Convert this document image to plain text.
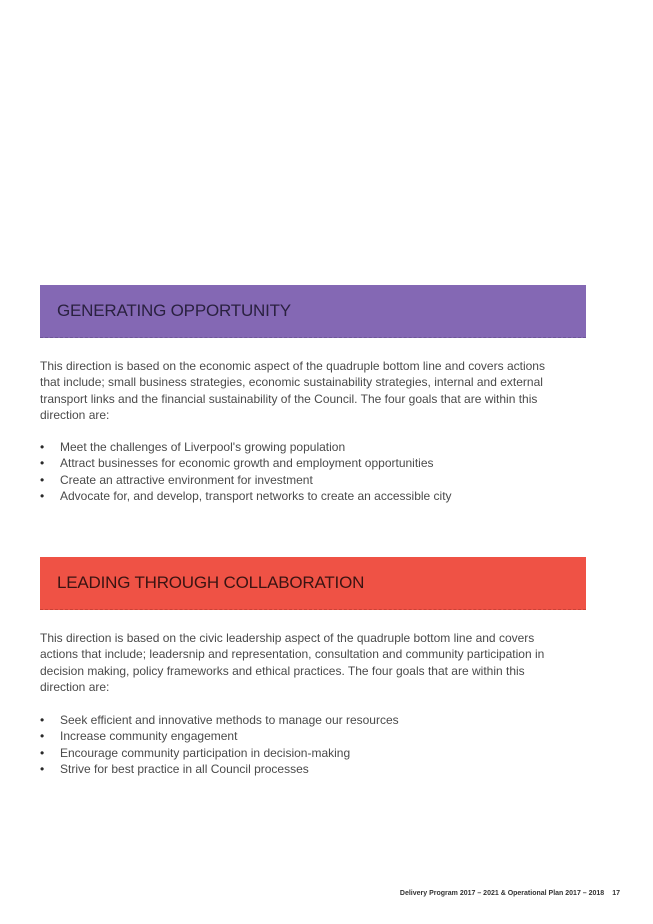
GENERATING OPPORTUNITY

This direction is based on the economic aspect of the quadruple bottom line and covers actions that include; small business strategies, economic sustainability strategies, internal and external transport links and the financial sustainability of the Council. The four goals that are within this direction are:

• Meet the challenges of Liverpool's growing population
• Attract businesses for economic growth and employment opportunities
• Create an attractive environment for investment
• Advocate for, and develop, transport networks to create an accessible city
LEADING THROUGH COLLABORATION

This direction is based on the civic leadership aspect of the quadruple bottom line and covers actions that include; leadersnip and representation, consultation and community participation in decision making, policy frameworks and ethical practices. The four goals that are within this direction are:

• Seek efficient and innovative methods to manage our resources
• Increase community engagement
• Encourage community participation in decision-making
• Strive for best practice in all Council processes
Delivery Program 2017 – 2021 & Operational Plan 2017 – 2018 17
